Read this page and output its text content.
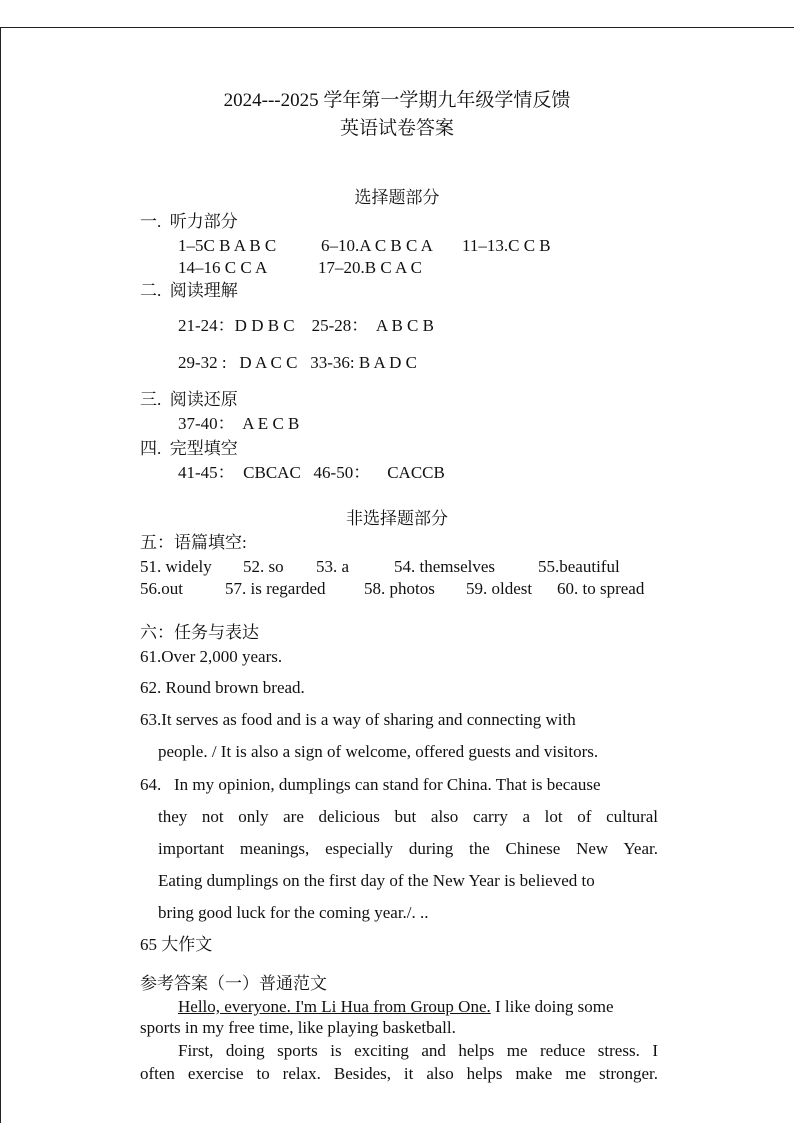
2024---2025 学年第一学期九年级学情反馈
英语试卷答案
选择题部分
一.  听力部分
1–5C B A B C	6–10.A C B C A 11–13.C C B
14–16 C C A	17–20.B C A C
二.  阅读理解
21-24：D D B C    25-28：  A B C B
29-32 :   D A C C   33-36: B A D C
三.  阅读还原
37-40：  A E C B
四.  完型填空
41-45：  CBCAC   46-50：    CACCB
非选择题部分
五：语篇填空:
51. widely 52. so 53. a	54. themselves	55.beautiful
56.out 57. is regarded 58. photos 59. oldest 60. to spread
六：任务与表达
61.Over 2,000 years.
62. Round brown bread.
63.It serves as food and is a way of sharing and connecting with
people. / It is also a sign of welcome, offered guests and visitors.
64.   In my opinion, dumplings can stand for China. That is because
they not only are delicious but also carry a lot of cultural
important meanings, especially during the Chinese New Year.
Eating dumplings on the first day of the New Year is believed to
bring good luck for the coming year./. ..
65 大作文
参考答案（一）普通范文
Hello, everyone. I'm Li Hua from Group One. I like doing some
sports in my free time, like playing basketball.
First, doing sports is exciting and helps me reduce stress. I
often exercise to relax. Besides, it also helps make me stronger.
